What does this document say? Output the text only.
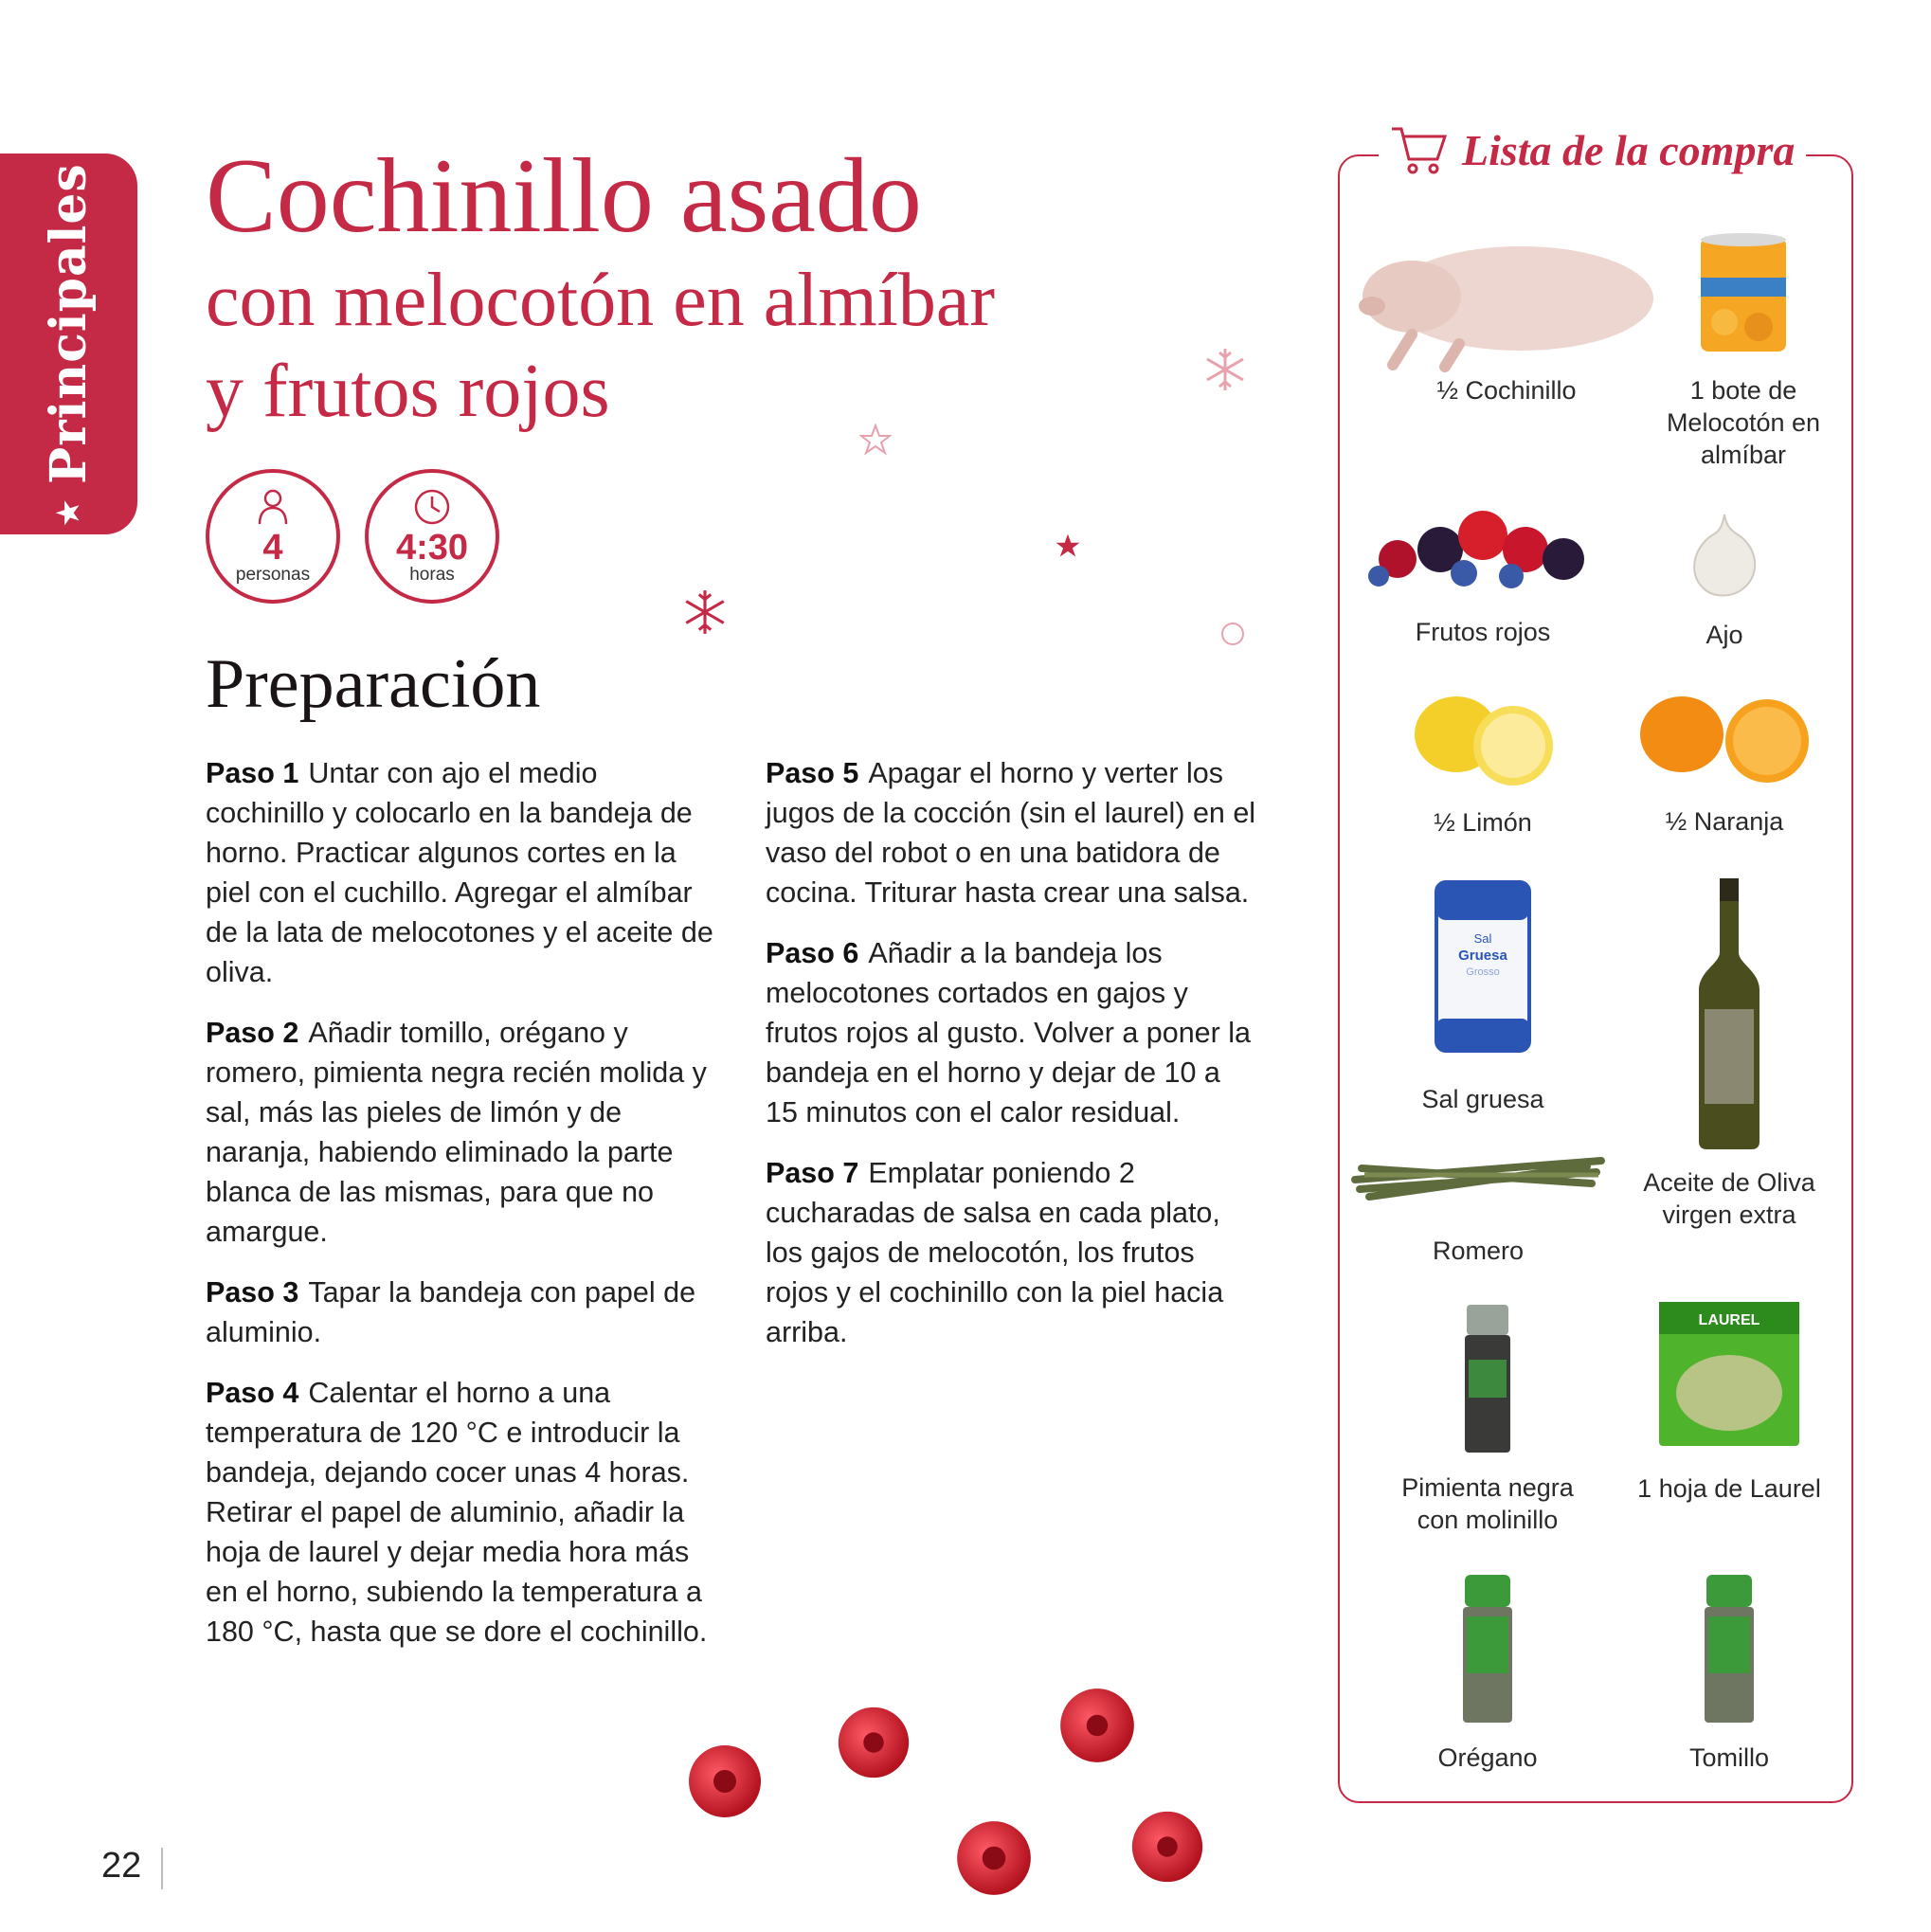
★
Principales Cochinillo asado
con melocotón en almíbar
y frutos rojos
4
personas
4:30
horas
Preparación

Paso 1 Untar con ajo el medio cochinillo y colocarlo en la bandeja de horno. Practicar algunos cortes en la piel con el cuchillo. Agregar el almíbar de la lata de melocotones y el aceite de oliva.

Paso 2 Añadir tomillo, orégano y romero, pimienta negra recién molida y sal, más las pieles de limón y de naranja, habiendo eliminado la parte blanca de las mismas, para que no amargue.

Paso 3 Tapar la bandeja con papel de aluminio.

Paso 4 Calentar el horno a una temperatura de 120 °C e introducir la bandeja, dejando cocer unas 4 horas. Retirar el papel de aluminio, añadir la hoja de laurel y dejar media hora más en el horno, subiendo la temperatura a 180 °C, hasta que se dore el cochinillo.

Paso 5 Apagar el horno y verter los jugos de la cocción (sin el laurel) en el vaso del robot o en una batidora de cocina. Triturar hasta crear una salsa.

Paso 6 Añadir a la bandeja los melocotones cortados en gajos y frutos rojos al gusto. Volver a poner la bandeja en el horno y dejar de 10 a 15 minutos con el calor residual.

Paso 7 Emplatar poniendo 2 cucharadas de salsa en cada plato, los gajos de melocotón, los frutos rojos y el cochinillo con la piel hacia arriba.

22
Lista de la compra
½ Cochinillo	1 bote de Melocotón en almíbar
Frutos rojos	Ajo
½ Limón	½ Naranja
Sal
Gruesa
Grosso
Sal gruesa
Aceite de Oliva virgen extra
Romero
Pimienta negra con molinillo
LAUREL
1 hoja de Laurel
Orégano	Tomillo
